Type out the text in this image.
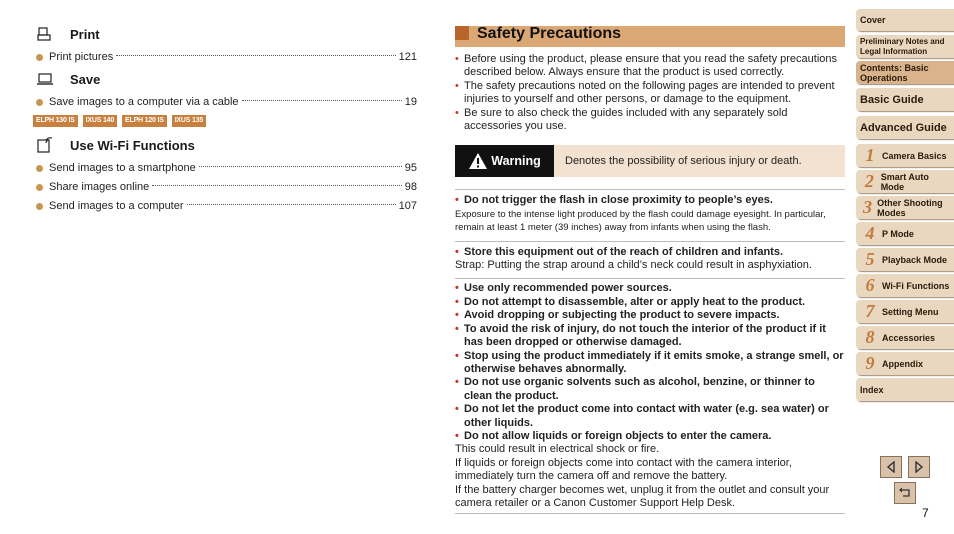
Print
Print pictures	121
Save
Save images to a computer via a cable	19
ELPH 130 IS	IXUS 140	ELPH 120 IS	IXUS 135
Use Wi-Fi Functions
Send images to a smartphone	95
Share images online	98
Send images to a computer	107
Safety Precautions
• Before using the product, please ensure that you read the safety precautions described below. Always ensure that the product is used correctly.
• The safety precautions noted on the following pages are intended to prevent injuries to yourself and other persons, or damage to the equipment.
• Be sure to also check the guides included with any separately sold accessories you use.
Warning Denotes the possibility of serious injury or death.
• Do not trigger the flash in close proximity to people’s eyes.

Exposure to the intense light produced by the flash could damage eyesight. In particular, remain at least 1 meter (39 inches) away from infants when using the flash.

• Store this equipment out of the reach of children and infants.

Strap: Putting the strap around a child’s neck could result in asphyxiation.

• Use only recommended power sources.
• Do not attempt to disassemble, alter or apply heat to the product.
• Avoid dropping or subjecting the product to severe impacts.
• To avoid the risk of injury, do not touch the interior of the product if it has been dropped or otherwise damaged.
• Stop using the product immediately if it emits smoke, a strange smell, or otherwise behaves abnormally.
• Do not use organic solvents such as alcohol, benzine, or thinner to clean the product.
• Do not let the product come into contact with water (e.g. sea water) or other liquids.
• Do not allow liquids or foreign objects to enter the camera.

This could result in electrical shock or fire.

If liquids or foreign objects come into contact with the camera interior, immediately turn the camera off and remove the battery.

If the battery charger becomes wet, unplug it from the outlet and consult your camera retailer or a Canon Customer Support Help Desk.

Cover
Preliminary Notes and Legal Information
Contents: Basic Operations
Basic Guide
Advanced Guide
1 Camera Basics
2 Smart Auto Mode
3 Other Shooting Modes
4 P Mode
5 Playback Mode
6 Wi-Fi Functions
7 Setting Menu
8 Accessories
9 Appendix
Index
7
